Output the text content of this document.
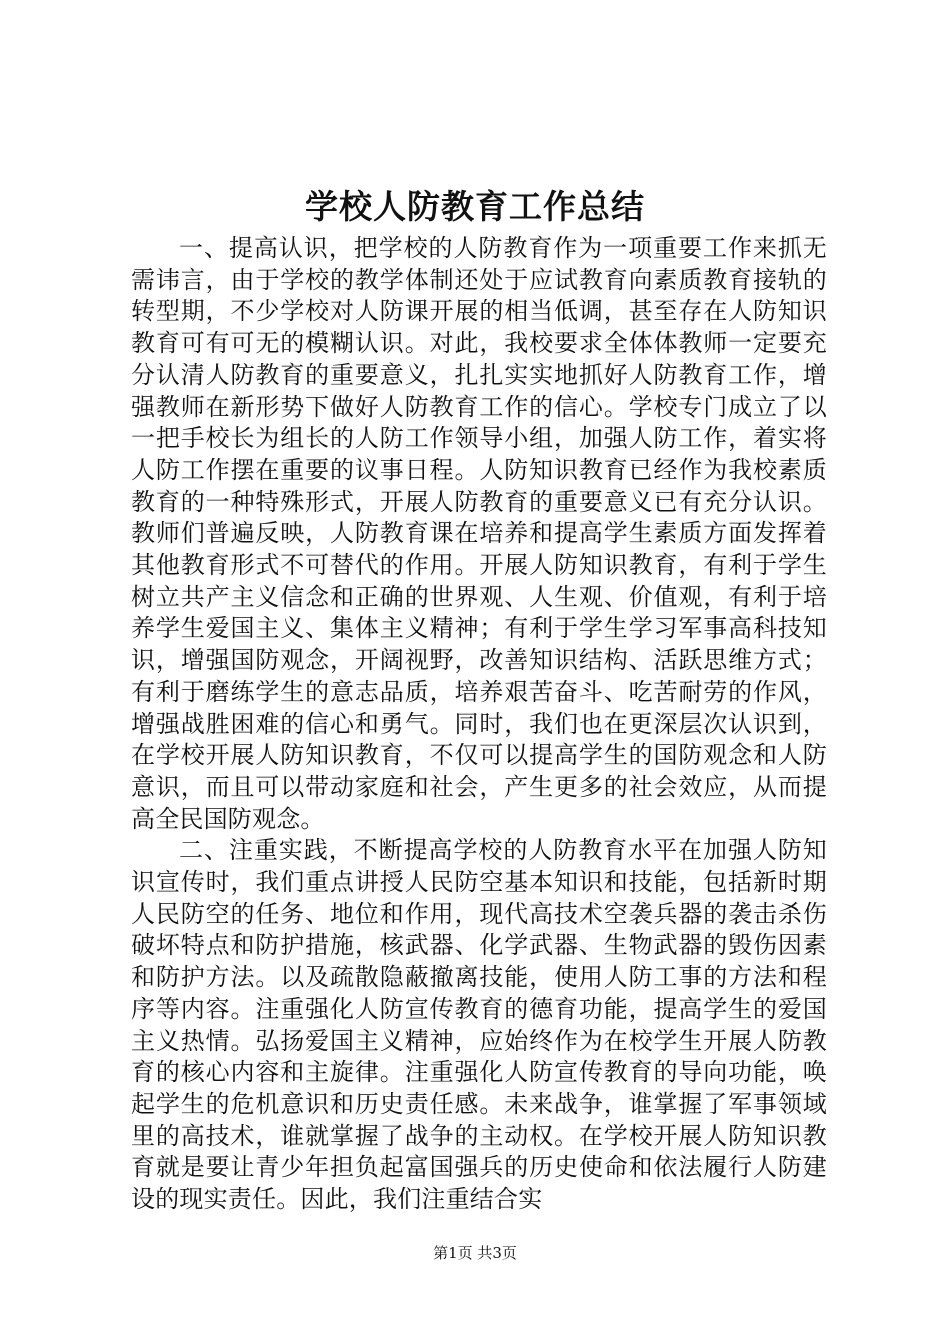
学校人防教育工作总结

一、提高认识，把学校的人防教育作为一项重要工作来抓无需讳言，由于学校的教学体制还处于应试教育向素质教育接轨的转型期，不少学校对人防课开展的相当低调，甚至存在人防知识教育可有可无的模糊认识。对此，我校要求全体体教师一定要充分认清人防教育的重要意义，扎扎实实地抓好人防教育工作，增强教师在新形势下做好人防教育工作的信心。学校专门成立了以一把手校长为组长的人防工作领导小组，加强人防工作，着实将人防工作摆在重要的议事日程。人防知识教育已经作为我校素质教育的一种特殊形式，开展人防教育的重要意义已有充分认识。教师们普遍反映，人防教育课在培养和提高学生素质方面发挥着其他教育形式不可替代的作用。开展人防知识教育，有利于学生树立共产主义信念和正确的世界观、人生观、价值观，有利于培养学生爱国主义、集体主义精神；有利于学生学习军事高科技知识，增强国防观念，开阔视野，改善知识结构、活跃思维方式；有利于磨练学生的意志品质，培养艰苦奋斗、吃苦耐劳的作风，增强战胜困难的信心和勇气。同时，我们也在更深层次认识到，在学校开展人防知识教育，不仅可以提高学生的国防观念和人防意识，而且可以带动家庭和社会，产生更多的社会效应，从而提高全民国防观念。

二、注重实践，不断提高学校的人防教育水平在加强人防知识宣传时，我们重点讲授人民防空基本知识和技能，包括新时期人民防空的任务、地位和作用，现代高技术空袭兵器的袭击杀伤破坏特点和防护措施，核武器、化学武器、生物武器的毁伤因素和防护方法。以及疏散隐蔽撤离技能，使用人防工事的方法和程序等内容。注重强化人防宣传教育的德育功能，提高学生的爱国主义热情。弘扬爱国主义精神，应始终作为在校学生开展人防教育的核心内容和主旋律。注重强化人防宣传教育的导向功能，唤起学生的危机意识和历史责任感。未来战争，谁掌握了军事领域里的高技术，谁就掌握了战争的主动权。在学校开展人防知识教育就是要让青少年担负起富国强兵的历史使命和依法履行人防建设的现实责任。因此，我们注重结合实

第1页 共3页
